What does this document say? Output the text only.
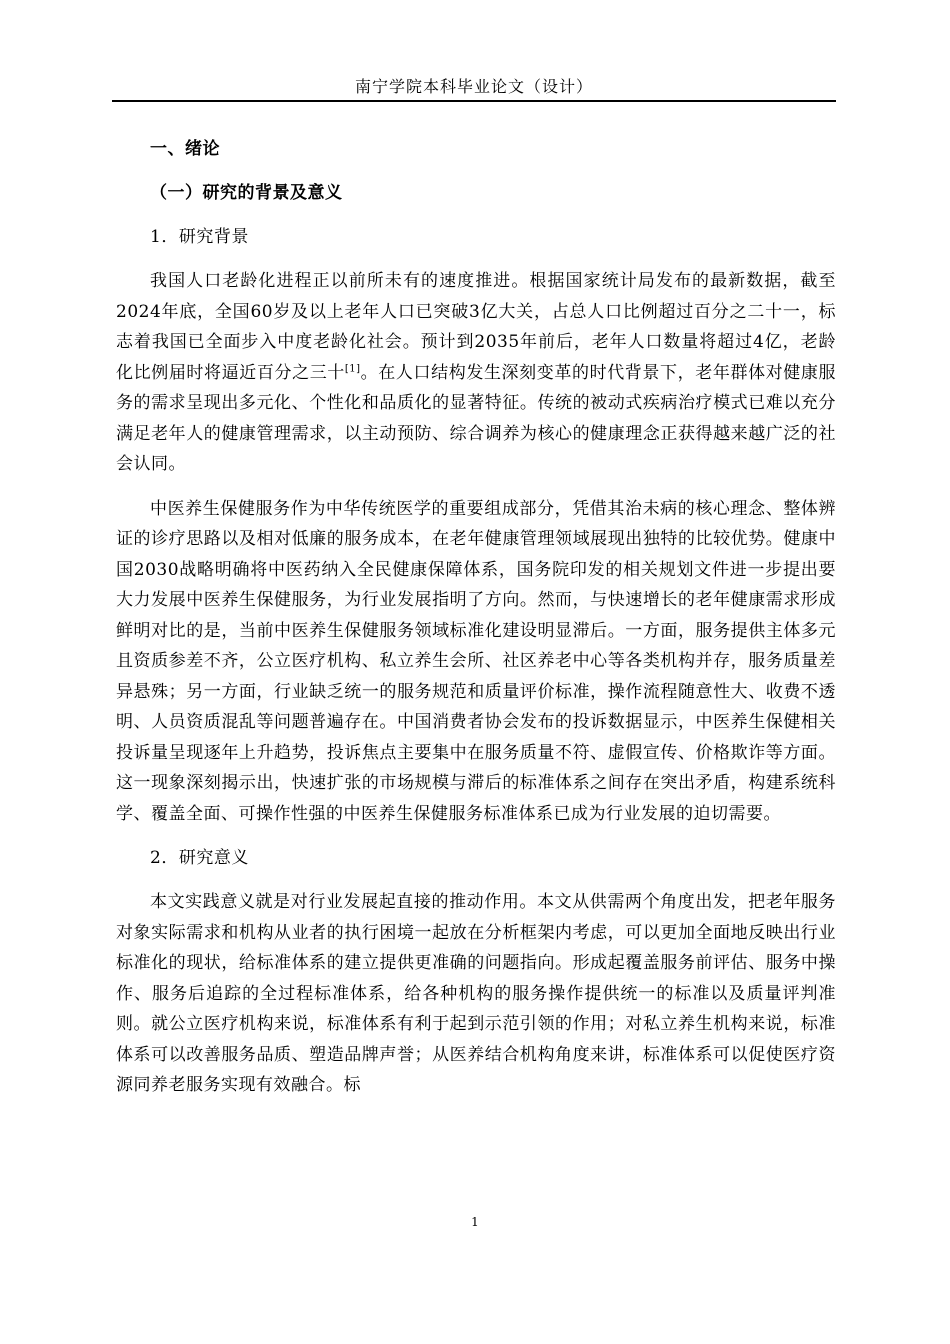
南宁学院本科毕业论文（设计）
一、绪论
（一）研究的背景及意义
1．研究背景

我国人口老龄化进程正以前所未有的速度推进。根据国家统计局发布的最新数据，截至2024年底，全国60岁及以上老年人口已突破3亿大关，占总人口比例超过百分之二十一，标志着我国已全面步入中度老龄化社会。预计到2035年前后，老年人口数量将超过4亿，老龄化比例届时将逼近百分之三十[1]。在人口结构发生深刻变革的时代背景下，老年群体对健康服务的需求呈现出多元化、个性化和品质化的显著特征。传统的被动式疾病治疗模式已难以充分满足老年人的健康管理需求，以主动预防、综合调养为核心的健康理念正获得越来越广泛的社会认同。

中医养生保健服务作为中华传统医学的重要组成部分，凭借其治未病的核心理念、整体辨证的诊疗思路以及相对低廉的服务成本，在老年健康管理领域展现出独特的比较优势。健康中国2030战略明确将中医药纳入全民健康保障体系，国务院印发的相关规划文件进一步提出要大力发展中医养生保健服务，为行业发展指明了方向。然而，与快速增长的老年健康需求形成鲜明对比的是，当前中医养生保健服务领域标准化建设明显滞后。一方面，服务提供主体多元且资质参差不齐，公立医疗机构、私立养生会所、社区养老中心等各类机构并存，服务质量差异悬殊；另一方面，行业缺乏统一的服务规范和质量评价标准，操作流程随意性大、收费不透明、人员资质混乱等问题普遍存在。中国消费者协会发布的投诉数据显示，中医养生保健相关投诉量呈现逐年上升趋势，投诉焦点主要集中在服务质量不符、虚假宣传、价格欺诈等方面。这一现象深刻揭示出，快速扩张的市场规模与滞后的标准体系之间存在突出矛盾，构建系统科学、覆盖全面、可操作性强的中医养生保健服务标准体系已成为行业发展的迫切需要。

2．研究意义

本文实践意义就是对行业发展起直接的推动作用。本文从供需两个角度出发，把老年服务对象实际需求和机构从业者的执行困境一起放在分析框架内考虑，可以更加全面地反映出行业标准化的现状，给标准体系的建立提供更准确的问题指向。形成起覆盖服务前评估、服务中操作、服务后追踪的全过程标准体系，给各种机构的服务操作提供统一的标准以及质量评判准则。就公立医疗机构来说，标准体系有利于起到示范引领的作用；对私立养生机构来说，标准体系可以改善服务品质、塑造品牌声誉；从医养结合机构角度来讲，标准体系可以促使医疗资源同养老服务实现有效融合。标

1
